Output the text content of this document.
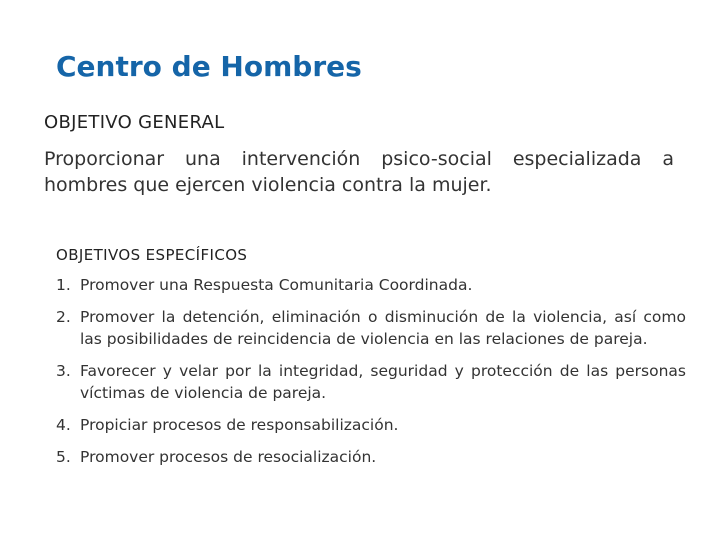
Centro de Hombres
OBJETIVO GENERAL
Proporcionar una intervención psico-social especializada a hombres que ejercen violencia contra la mujer.
OBJETIVOS ESPECÍFICOS
1. Promover una Respuesta Comunitaria Coordinada.
2. Promover la detención, eliminación o disminución de la violencia, así como las posibilidades de reincidencia de violencia en las relaciones de pareja.
3. Favorecer y velar por la integridad, seguridad y protección de las personas víctimas de violencia de pareja.
4. Propiciar procesos de responsabilización.
5. Promover procesos de resocialización.
